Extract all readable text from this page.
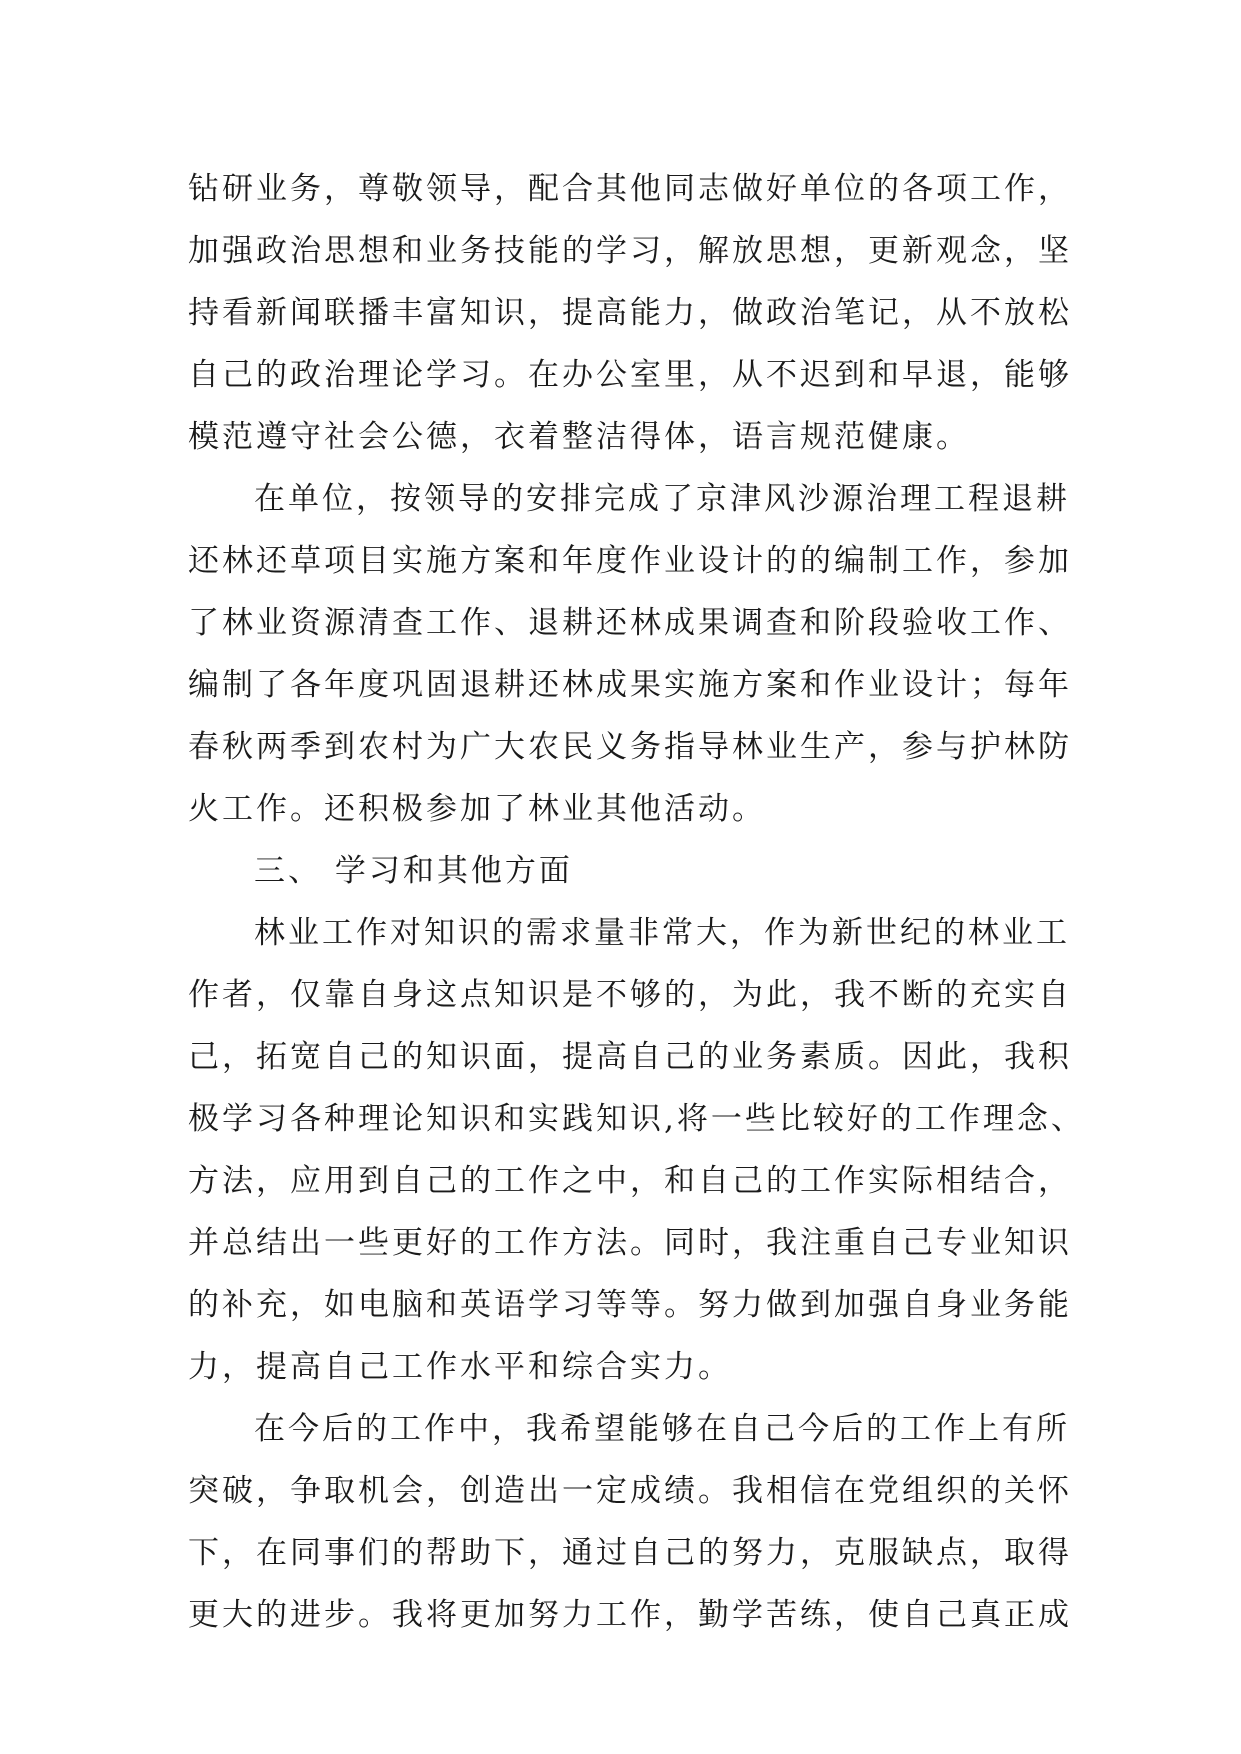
钻研业务，尊敬领导，配合其他同志做好单位的各项工作，
加强政治思想和业务技能的学习，解放思想，更新观念，坚
持看新闻联播丰富知识，提高能力，做政治笔记，从不放松
自己的政治理论学习。在办公室里，从不迟到和早退，能够
模范遵守社会公德，衣着整洁得体，语言规范健康。
在单位，按领导的安排完成了京津风沙源治理工程退耕
还林还草项目实施方案和年度作业设计的的编制工作，参加
了林业资源清查工作、退耕还林成果调查和阶段验收工作、
编制了各年度巩固退耕还林成果实施方案和作业设计；每年
春秋两季到农村为广大农民义务指导林业生产，参与护林防
火工作。还积极参加了林业其他活动。
三、 学习和其他方面
林业工作对知识的需求量非常大，作为新世纪的林业工
作者，仅靠自身这点知识是不够的，为此，我不断的充实自
己，拓宽自己的知识面，提高自己的业务素质。因此，我积
极学习各种理论知识和实践知识,将一些比较好的工作理念、
方法，应用到自己的工作之中，和自己的工作实际相结合，
并总结出一些更好的工作方法。同时，我注重自己专业知识
的补充，如电脑和英语学习等等。努力做到加强自身业务能
力，提高自己工作水平和综合实力。
在今后的工作中，我希望能够在自己今后的工作上有所
突破，争取机会，创造出一定成绩。我相信在党组织的关怀
下，在同事们的帮助下，通过自己的努力，克服缺点，取得
更大的进步。我将更加努力工作，勤学苦练，使自己真正成
